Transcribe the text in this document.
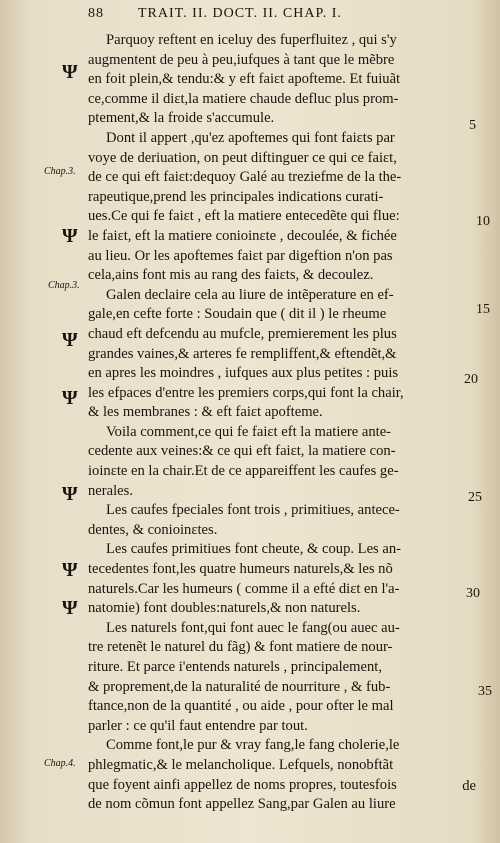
88 TRAIT. II. DOCT. II. CHAP. I.
Chap.3.
Chap.3.
Chap.4.
Ψ
Ψ
Ψ
Ψ
Ψ
Ψ
Ψ
5
10
15
20
25
30
35
Parquoy reftent en iceluy des fuperfluitez , qui s'y
augmentent de peu à peu,iufques à tant que le mẽbre
en foit plein,& tendu:& y eft faiɛt apofteme. Et fuiuãt
ce,comme il diɛt,la matiere chaude defluc plus prom-
ptement,& la froide s'accumule.
Dont il appert ,qu'ez apoftemes qui font faiɛts par
voye de deriuation, on peut diftinguer ce qui ce faiɛt,
de ce qui eft faiɛt:dequoy Galé au treziefme de la the-
rapeutique,prend les principales indications curati-
ues.Ce qui fe faiɛt , eft la matiere entecedẽte qui flue:
le faiɛt, eft la matiere conioinɛte , decoulée, & fichée
au lieu. Or les apoftemes faiɛt par digeftion n'on pas
cela,ains font mis au rang des faiɛts, & decoulez.
Galen declaire cela au liure de intẽperature en ef-
gale,en cefte forte : Soudain que ( dit il ) le rheume
chaud eft defcendu au mufcle, premierement les plus
grandes vaines,& arteres fe rempliffent,& eftendẽt,&
en apres les moindres , iufques aux plus petites : puis
les efpaces d'entre les premiers corps,qui font la chair,
& les membranes : & eft faiɛt apofteme.
Voila comment,ce qui fe faiɛt eft la matiere ante-
cedente aux veines:& ce qui eft faiɛt, la matiere con-
ioinɛte en la chair.Et de ce appareiffent les caufes ge-
nerales.
Les caufes fpeciales font trois , primitiues, antece-
dentes, & conioinɛtes.
Les caufes primitiues font cheute, & coup. Les an-
tecedentes font,les quatre humeurs naturels,& les nõ
naturels.Car les humeurs ( comme il a efté diɛt en l'a-
natomie) font doubles:naturels,& non naturels.
Les naturels font,qui font auec le fang(ou auec au-
tre retenẽt le naturel du fãg) & font matiere de nour-
riture. Et parce i'entends naturels , principalement,
& proprement,de la naturalité de nourriture , & fub-
ftance,non de la quantité , ou aide , pour ofter le mal
parler : ce qu'il faut entendre par tout.
Comme font,le pur & vray fang,le fang cholerie,le
phlegmatic,& le melancholique. Lefquels, nonobftãt
que foyent ainfi appellez de noms propres, toutesfois
de nom cõmun font appellez Sang,par Galen au liure
de
